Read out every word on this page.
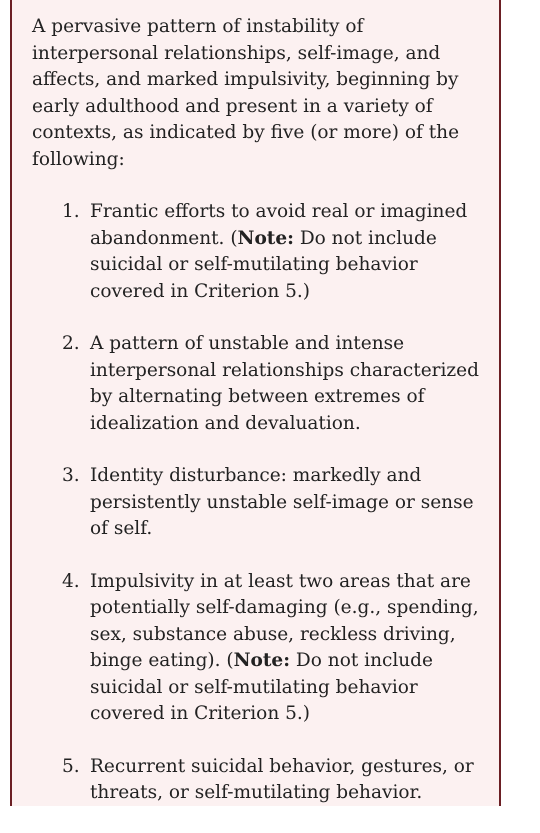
A pervasive pattern of instability of interpersonal relationships, self-image, and affects, and marked impulsivity, beginning by early adulthood and present in a variety of contexts, as indicated by five (or more) of the following:

1. Frantic efforts to avoid real or imagined abandonment. (Note: Do not include suicidal or self-mutilating behavior covered in Criterion 5.)
2. A pattern of unstable and intense interpersonal relationships characterized by alternating between extremes of idealization and devaluation.
3. Identity disturbance: markedly and persistently unstable self-image or sense of self.
4. Impulsivity in at least two areas that are potentially self-damaging (e.g., spending, sex, substance abuse, reckless driving, binge eating). (Note: Do not include suicidal or self-mutilating behavior covered in Criterion 5.)
5. Recurrent suicidal behavior, gestures, or threats, or self-mutilating behavior.
